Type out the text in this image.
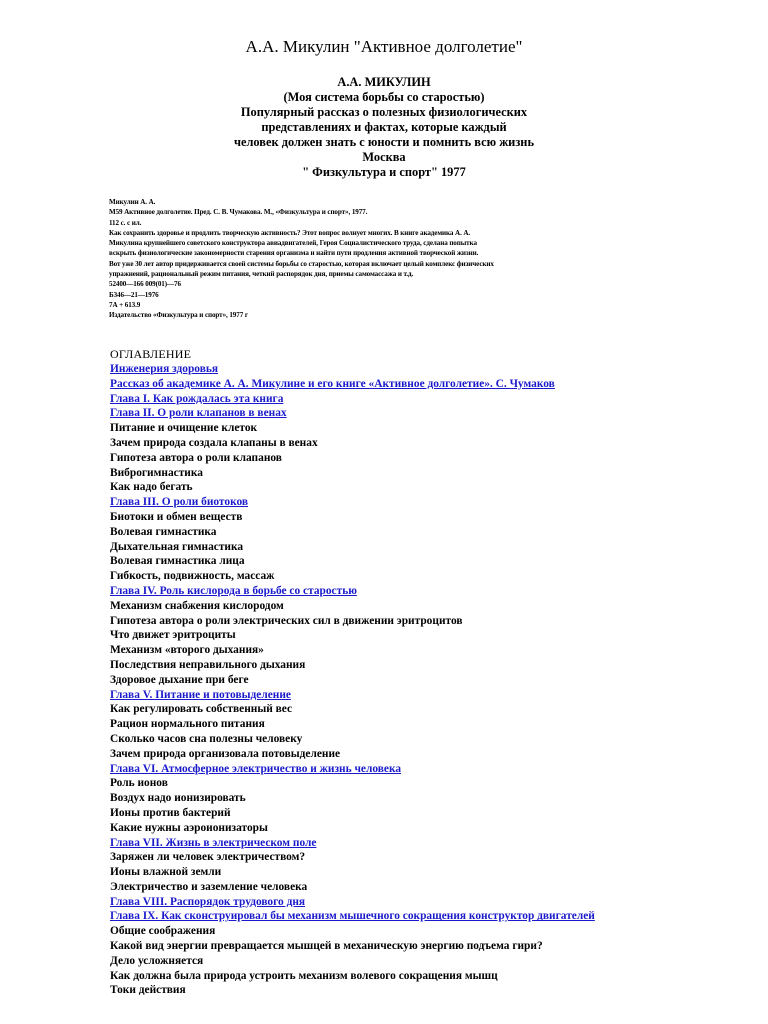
А.А. Микулин "Активное долголетие"
А.А. МИКУЛИН
(Моя система борьбы со старостью)
Популярный рассказ о полезных физиологических
представлениях и фактах, которые каждый
человек должен знать с юности и помнить всю жизнь
Москва
" Физкультура и спорт" 1977
Микулин А. А.
М59 Активное долголетие. Пред. С. В. Чумакова. М., «Физкультура и спорт», 1977.
112 с. с ил.
Как сохранить здоровье и продлить творческую активность? Этот вопрос волнует многих. В книге академика А. А.
Микулина крупнейшего советского конструктора авиадвигателей, Героя Социалистического труда, сделана попытка
вскрыть физиологические закономерности старения организма и найти пути продления активной творческой жизни.
Вот уже 30 лет автор придерживается своей системы борьбы со старостью, которая включает целый комплекс физических
упражнений, рациональный режим питания, четкий распорядок дня, приемы самомассажа и т.д.
52400—166 009(01)—76
Б346—21—1976
7А + 613.9
Издательство «Физкультура и спорт», 1977 г
ОГЛАВЛЕНИЕ
Инженерия здоровья
Рассказ об академике А. А. Микулине и его книге «Активное долголетие». С. Чумаков
Глава I. Как рождалась эта книга
Глава II. О роли клапанов в венах
Питание и очищение клеток
Зачем природа создала клапаны в венах
Гипотеза автора о роли клапанов
Виброгимнастика
Как надо бегать
Глава III. О роли биотоков
Биотоки и обмен веществ
Волевая гимнастика
Дыхательная гимнастика
Волевая гимнастика лица
Гибкость, подвижность, массаж
Глава IV. Роль кислорода в борьбе со старостью
Механизм снабжения кислородом
Гипотеза автора о роли электрических сил в движении эритроцитов
Что движет эритроциты
Механизм «второго дыхания»
Последствия неправильного дыхания
Здоровое дыхание при беге
Глава V. Питание и потовыделение
Как регулировать собственный вес
Рацион нормального питания
Сколько часов сна полезны человеку
Зачем природа организовала потовыделение
Глава VI. Атмосферное электричество и жизнь человека
Роль ионов
Воздух надо ионизировать
Ионы против бактерий
Какие нужны аэроионизаторы
Глава VII. Жизнь в электрическом поле
Заряжен ли человек электричеством?
Ионы влажной земли
Электричество и заземление человека
Глава VIII. Распорядок трудового дня
Глава IX. Как сконструировал бы механизм мышечного сокращения конструктор двигателей
Общие соображения
Какой вид энергии превращается мышцей в механическую энергию подъема гири?
Дело усложняется
Как должна была природа устроить механизм волевого сокращения мышц
Токи действия
